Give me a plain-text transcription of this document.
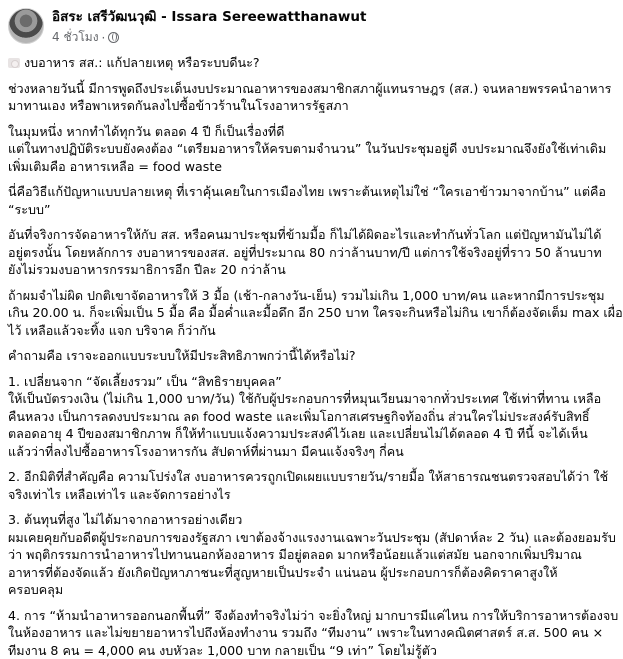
อิสระ เสรีวัฒนวุฒิ - Issara Sereewatthanawut
4 ชั่วโมง ·
งบอาหาร สส.: แก้ปลายเหตุ หรือระบบดีนะ?
ช่วงหลายวันนี้ มีการพูดถึงประเด็นงบประมาณอาหารของสมาชิกสภาผู้แทนราษฎร (สส.) จนหลายพรรคนำอาหาร
มาทานเอง หรือพาเหรดกันลงไปซื้อข้าวร้านในโรงอาหารรัฐสภา
ในมุมหนึ่ง หากทำได้ทุกวัน ตลอด 4 ปี ก็เป็นเรื่องที่ดี
แต่ในทางปฏิบัติระบบยังคงต้อง “เตรียมอาหารให้ครบตามจำนวน” ในวันประชุมอยู่ดี งบประมาณจึงยังใช้เท่าเดิม
เพิ่มเติมคือ อาหารเหลือ = food waste
นี่คือวิธีแก้ปัญหาแบบปลายเหตุ ที่เราคุ้นเคยในการเมืองไทย เพราะต้นเหตุไม่ใช่ “ใครเอาข้าวมาจากบ้าน” แต่คือ
“ระบบ”
อันที่จริงการจัดอาหารให้กับ สส. หรือคนมาประชุมที่ข้ามมื้อ ก็ไม่ได้ผิดอะไรและทำกันทั่วโลก แต่ปัญหามันไม่ได้
อยู่ตรงนั้น โดยหลักการ งบอาหารของสส. อยู่ที่ประมาณ 80 กว่าล้านบาท/ปี แต่การใช้จริงอยู่ที่ราว 50 ล้านบาท
ยังไม่รวมงบอาหารกรรมาธิการอีก ปีละ 20 กว่าล้าน
ถ้าผมจำไม่ผิด ปกติเขาจัดอาหารให้ 3 มื้อ (เช้า-กลางวัน-เย็น) รวมไม่เกิน 1,000 บาท/คน และหากมีการประชุม
เกิน 20.00 น. ก็จะเพิ่มเป็น 5 มื้อ คือ มื้อค่ำและมื้อดึก อีก 250 บาท ใครจะกินหรือไม่กิน เขาก็ต้องจัดเต็ม max เผื่อ
ไว้ เหลือแล้วจะทิ้ง แจก บริจาค ก็ว่ากัน
คำถามคือ เราจะออกแบบระบบให้มีประสิทธิภาพกว่านี้ได้หรือไม่?
1. เปลี่ยนจาก “จัดเลี้ยงรวม” เป็น “สิทธิรายบุคคล”
ให้เป็นบัตรวงเงิน (ไม่เกิน 1,000 บาท/วัน) ใช้กับผู้ประกอบการที่หมุนเวียนมาจากทั่วประเทศ ใช้เท่าที่ทาน เหลือ
คืนหลวง เป็นการลดงบประมาณ ลด food waste และเพิ่มโอกาสเศรษฐกิจท้องถิ่น ส่วนใครไม่ประสงค์รับสิทธิ์
ตลอดอายุ 4 ปีของสมาชิกภาพ ก็ให้ทำแบบแจ้งความประสงค์ไว้เลย และเปลี่ยนไม่ได้ตลอด 4 ปี ทีนี้ จะได้เห็น
แล้วว่าที่ลงไปซื้ออาหารโรงอาหารกัน สัปดาห์ที่ผ่านมา มีคนแจ้งจริงๆ กี่คน
2. อีกมิติที่สำคัญคือ ความโปร่งใส งบอาหารควรถูกเปิดเผยแบบรายวัน/รายมื้อ ให้สาธารณชนตรวจสอบได้ว่า ใช้
จริงเท่าไร เหลือเท่าไร และจัดการอย่างไร
3. ต้นทุนที่สูง ไม่ได้มาจากอาหารอย่างเดียว
ผมเคยคุยกับอดีตผู้ประกอบการของรัฐสภา เขาต้องจ้างแรงงานเฉพาะวันประชุม (สัปดาห์ละ 2 วัน) และต้องยอมรับ
ว่า พฤติกรรมการนำอาหารไปทานนอกห้องอาหาร มีอยู่ตลอด มากหรือน้อยแล้วแต่สมัย นอกจากเพิ่มปริมาณ
อาหารที่ต้องจัดแล้ว ยังเกิดปัญหาภาชนะที่สูญหายเป็นประจำ แน่นอน ผู้ประกอบการก็ต้องคิดราคาสูงให้
ครอบคลุม
4. การ “ห้ามนำอาหารออกนอกพื้นที่” จึงต้องทำจริงไม่ว่า จะยิ่งใหญ่ มากบารมีแค่ไหน การให้บริการอาหารต้องจบ
ในห้องอาหาร และไม่ขยายอาหารไปถึงห้องทำงาน รวมถึง “ทีมงาน” เพราะในทางคณิตศาสตร์ ส.ส. 500 คน ×
ทีมงาน 8 คน = 4,000 คน งบหัวละ 1,000 บาท กลายเป็น “9 เท่า” โดยไม่รู้ตัว
